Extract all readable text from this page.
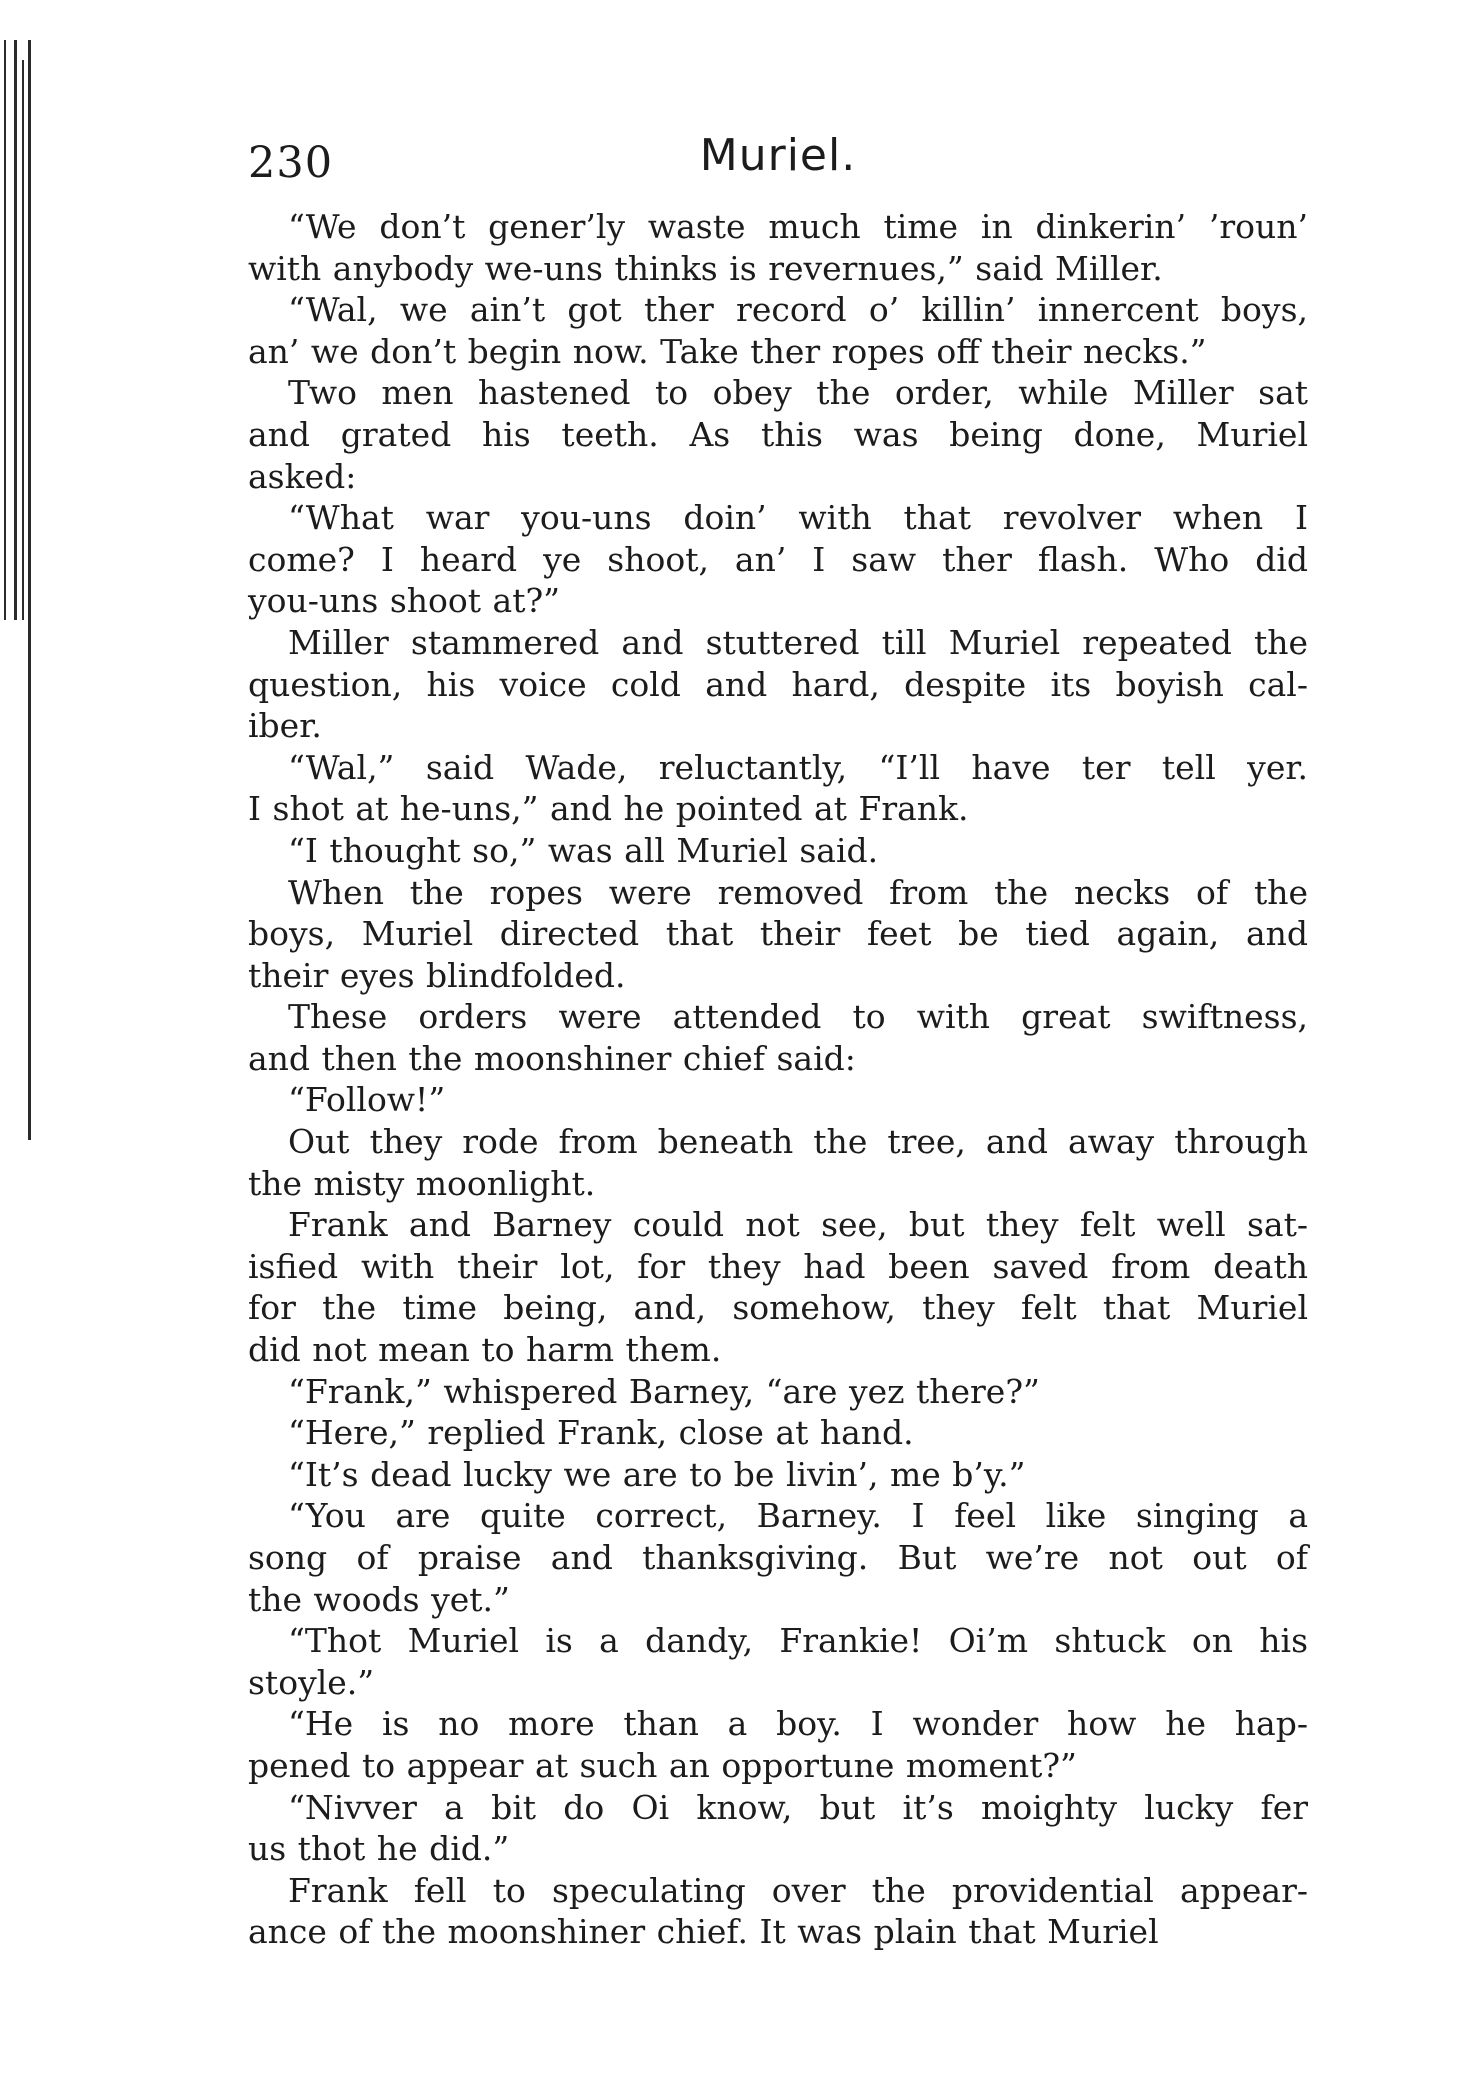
230	Muriel.

“We don’t gener’ly waste much time in dinkerin’ ’roun’
with anybody we-uns thinks is revernues,” said Miller.

“Wal, we ain’t got ther record o’ killin’ innercent boys,
an’ we don’t begin now. Take ther ropes off their necks.”

Two men hastened to obey the order, while Miller sat
and grated his teeth. As this was being done, Muriel
asked:

“What war you-uns doin’ with that revolver when I
come? I heard ye shoot, an’ I saw ther flash. Who did
you-uns shoot at?”

Miller stammered and stuttered till Muriel repeated the
question, his voice cold and hard, despite its boyish cal-
iber.

“Wal,” said Wade, reluctantly, “I’ll have ter tell yer.
I shot at he-uns,” and he pointed at Frank.

“I thought so,” was all Muriel said.

When the ropes were removed from the necks of the
boys, Muriel directed that their feet be tied again, and
their eyes blindfolded.

These orders were attended to with great swiftness,
and then the moonshiner chief said:

“Follow!”

Out they rode from beneath the tree, and away through
the misty moonlight.

Frank and Barney could not see, but they felt well sat-
isfied with their lot, for they had been saved from death
for the time being, and, somehow, they felt that Muriel
did not mean to harm them.

“Frank,” whispered Barney, “are yez there?”

“Here,” replied Frank, close at hand.

“It’s dead lucky we are to be livin’, me b’y.”

“You are quite correct, Barney. I feel like singing a
song of praise and thanksgiving. But we’re not out of
the woods yet.”

“Thot Muriel is a dandy, Frankie! Oi’m shtuck on his
stoyle.”

“He is no more than a boy. I wonder how he hap-
pened to appear at such an opportune moment?”

“Nivver a bit do Oi know, but it’s moighty lucky fer
us thot he did.”

Frank fell to speculating over the providential appear-
ance of the moonshiner chief. It was plain that Muriel
